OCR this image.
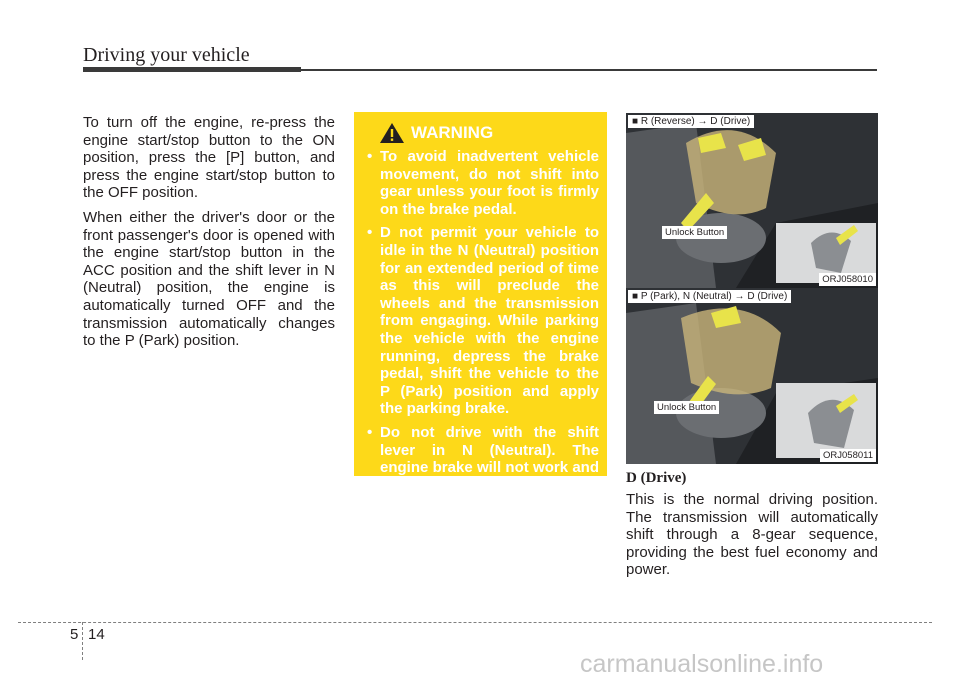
Driving your vehicle

To turn off the engine, re-press the engine start/stop button to the ON position, press the [P] button, and press the engine start/stop button to the OFF position.

When either the driver's door or the front passenger's door is opened with the engine start/stop button in the ACC position and the shift lever in N (Neutral) position, the engine is automatically turned OFF and the transmission automatically changes to the P (Park) position.

WARNING
• To avoid inadvertent vehicle movement, do not shift into gear unless your foot is firmly on the brake pedal.
• D not permit your vehicle to idle in the N (Neutral) position for an extended period of time as this will preclude the wheels and the transmission from engaging. While parking the vehicle with the engine running, depress the brake pedal, shift the vehicle to the P (Park) position and apply the parking brake.
• Do not drive with the shift lever in N (Neutral). The engine brake will not work and may lead to an accident.
■ R (Reverse) → D (Drive)
Unlock Button
ORJ058010
■ P (Park), N (Neutral) → D (Drive)
Unlock Button
ORJ058011
D (Drive)

This is the normal driving position. The transmission will automatically shift through a 8-gear sequence, providing the best fuel economy and power.

5 14
carmanualsonline.info
